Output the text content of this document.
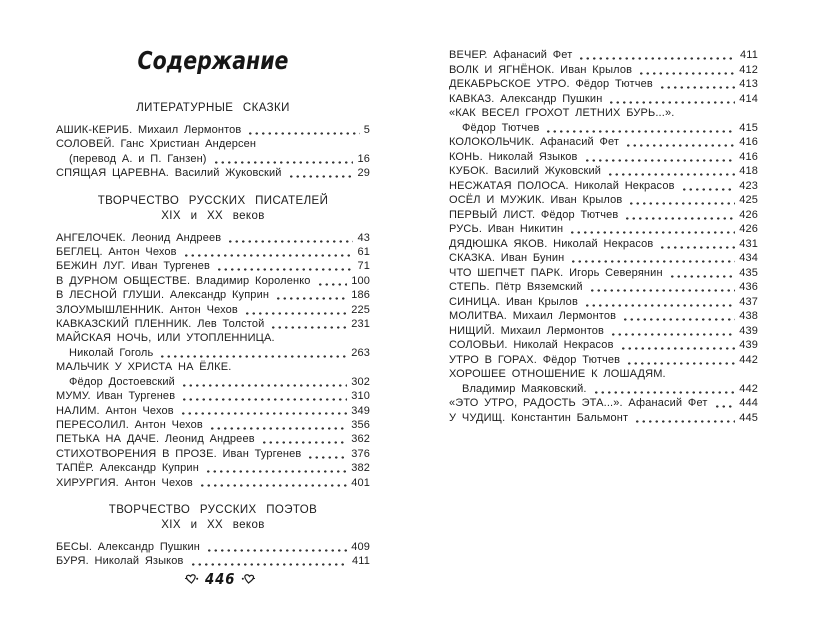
Содержание
ЛИТЕРАТУРНЫЕ СКАЗКИ
АШИК-КЕРИБ. Михаил Лермонтов	5
СОЛОВЕЙ. Ганс Христиан Андерсен
(перевод А. и П. Ганзен)	16
СПЯЩАЯ ЦАРЕВНА. Василий Жуковский	29
ТВОРЧЕСТВО РУССКИХ ПИСАТЕЛЕЙ
XIX и XX веков
АНГЕЛОЧЕК. Леонид Андреев	43
БЕГЛЕЦ. Антон Чехов	61
БЕЖИН ЛУГ. Иван Тургенев	71
В ДУРНОМ ОБЩЕСТВЕ. Владимир Короленко	100
В ЛЕСНОЙ ГЛУШИ. Александр Куприн	186
ЗЛОУМЫШЛЕННИК. Антон Чехов	225
КАВКАЗСКИЙ ПЛЕННИК. Лев Толстой	231
МАЙСКАЯ НОЧЬ, ИЛИ УТОПЛЕННИЦА.
Николай Гоголь	263
МАЛЬЧИК У ХРИСТА НА ЁЛКЕ.
Фёдор Достоевский	302
МУМУ. Иван Тургенев	310
НАЛИМ. Антон Чехов	349
ПЕРЕСОЛИЛ. Антон Чехов	356
ПЕТЬКА НА ДАЧЕ. Леонид Андреев	362
СТИХОТВОРЕНИЯ В ПРОЗЕ. Иван Тургенев	376
ТАПЁР. Александр Куприн	382
ХИРУРГИЯ. Антон Чехов	401
ТВОРЧЕСТВО РУССКИХ ПОЭТОВ
XIX и XX веков
БЕСЫ. Александр Пушкин	409
БУРЯ. Николай Языков	411
446
ВЕЧЕР. Афанасий Фет	411
ВОЛК И ЯГНЁНОК. Иван Крылов	412
ДЕКАБРЬСКОЕ УТРО. Фёдор Тютчев	413
КАВКАЗ. Александр Пушкин	414
«КАК ВЕСЕЛ ГРОХОТ ЛЕТНИХ БУРЬ...».
Фёдор Тютчев	415
КОЛОКОЛЬЧИК. Афанасий Фет	416
КОНЬ. Николай Языков	416
КУБОК. Василий Жуковский	418
НЕСЖАТАЯ ПОЛОСА. Николай Некрасов	423
ОСЁЛ И МУЖИК. Иван Крылов	425
ПЕРВЫЙ ЛИСТ. Фёдор Тютчев	426
РУСЬ. Иван Никитин	426
ДЯДЮШКА ЯКОВ. Николай Некрасов	431
СКАЗКА. Иван Бунин	434
ЧТО ШЕПЧЕТ ПАРК. Игорь Северянин	435
СТЕПЬ. Пётр Вяземский	436
СИНИЦА. Иван Крылов	437
МОЛИТВА. Михаил Лермонтов	438
НИЩИЙ. Михаил Лермонтов	439
СОЛОВЬИ. Николай Некрасов	439
УТРО В ГОРАХ. Фёдор Тютчев	442
ХОРОШЕЕ ОТНОШЕНИЕ К ЛОШАДЯМ.
Владимир Маяковский.	442
«ЭТО УТРО, РАДОСТЬ ЭТА...». Афанасий Фет	444
У ЧУДИЩ. Константин Бальмонт	445
